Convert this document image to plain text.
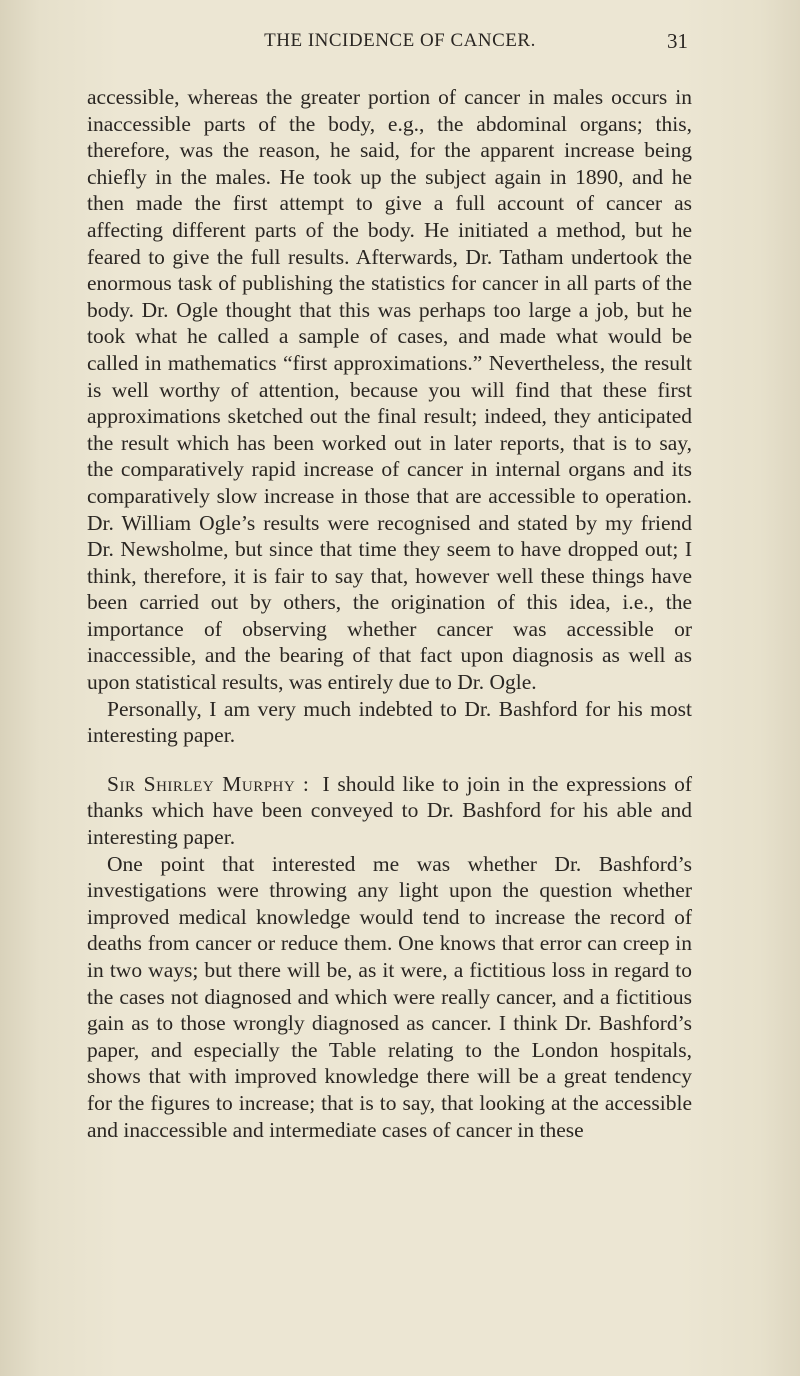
THE INCIDENCE OF CANCER.	31

accessible, whereas the greater portion of cancer in males occurs in inaccessible parts of the body, e.g., the abdominal organs; this, therefore, was the reason, he said, for the apparent increase being chiefly in the males. He took up the subject again in 1890, and he then made the first attempt to give a full account of cancer as affecting different parts of the body. He initiated a method, but he feared to give the full results. Afterwards, Dr. Tatham undertook the enormous task of publishing the statistics for cancer in all parts of the body. Dr. Ogle thought that this was perhaps too large a job, but he took what he called a sample of cases, and made what would be called in mathematics “first approximations.” Nevertheless, the result is well worthy of attention, because you will find that these first approximations sketched out the final result; indeed, they anticipated the result which has been worked out in later reports, that is to say, the comparatively rapid increase of cancer in internal organs and its comparatively slow increase in those that are accessible to operation. Dr. William Ogle’s results were recognised and stated by my friend Dr. Newsholme, but since that time they seem to have dropped out; I think, therefore, it is fair to say that, however well these things have been carried out by others, the origination of this idea, i.e., the importance of observing whether cancer was accessible or inaccessible, and the bearing of that fact upon diagnosis as well as upon statistical results, was entirely due to Dr. Ogle.

Personally, I am very much indebted to Dr. Bashford for his most interesting paper.

Sir Shirley Murphy : I should like to join in the expressions of thanks which have been conveyed to Dr. Bashford for his able and interesting paper.

One point that interested me was whether Dr. Bashford’s investigations were throwing any light upon the question whether improved medical knowledge would tend to increase the record of deaths from cancer or reduce them. One knows that error can creep in in two ways; but there will be, as it were, a fictitious loss in regard to the cases not diagnosed and which were really cancer, and a fictitious gain as to those wrongly diagnosed as cancer. I think Dr. Bashford’s paper, and especially the Table relating to the London hospitals, shows that with improved knowledge there will be a great tendency for the figures to increase; that is to say, that looking at the accessible and inaccessible and intermediate cases of cancer in these
